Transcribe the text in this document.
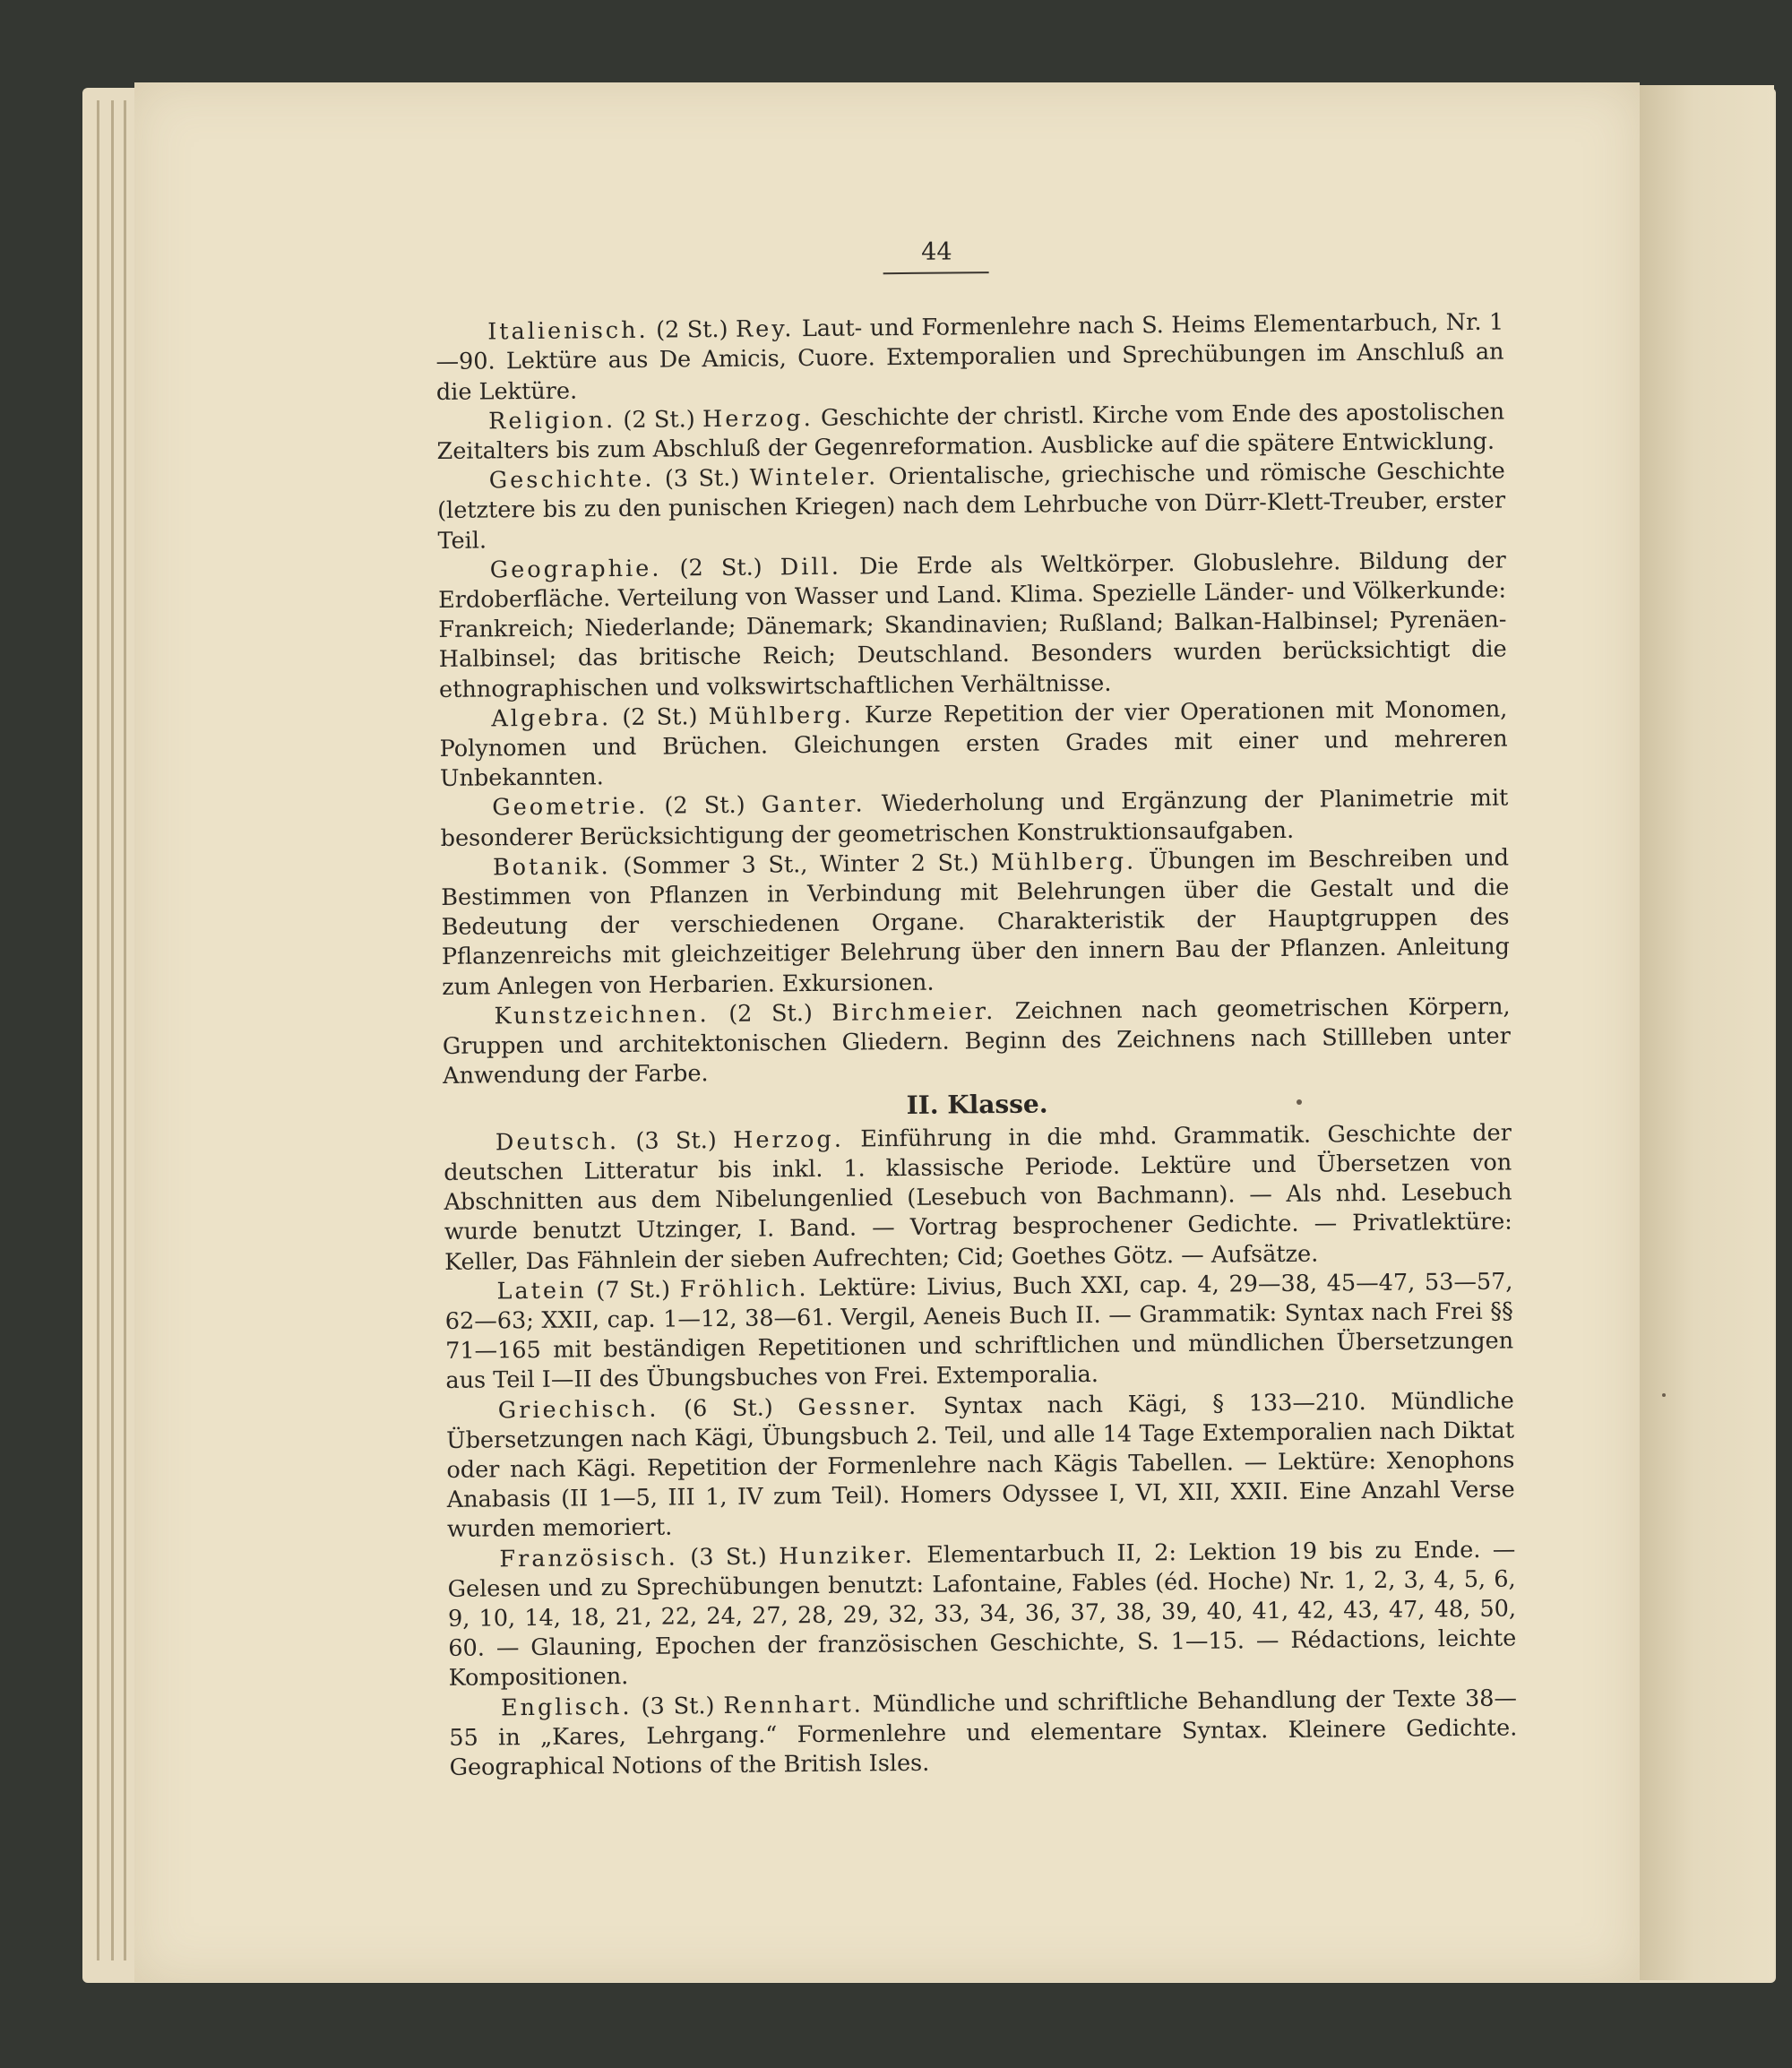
44

Italienisch. (2 St.) Rey. Laut- und Formenlehre nach S. Heims Elementarbuch, Nr. 1—90. Lektüre aus De Amicis, Cuore. Extemporalien und Sprechübungen im Anschluß an die Lektüre.

Religion. (2 St.) Herzog. Geschichte der christl. Kirche vom Ende des apostolischen Zeitalters bis zum Abschluß der Gegenreformation. Ausblicke auf die spätere Entwicklung.

Geschichte. (3 St.) Winteler. Orientalische, griechische und römische Geschichte (letztere bis zu den punischen Kriegen) nach dem Lehrbuche von Dürr-Klett-Treuber, erster Teil.

Geographie. (2 St.) Dill. Die Erde als Weltkörper. Globuslehre. Bildung der Erdoberfläche. Verteilung von Wasser und Land. Klima. Spezielle Länder- und Völkerkunde: Frankreich; Niederlande; Dänemark; Skandinavien; Rußland; Balkan-Halbinsel; Pyrenäen-Halbinsel; das britische Reich; Deutschland. Besonders wurden berücksichtigt die ethnographischen und volkswirtschaftlichen Verhältnisse.

Algebra. (2 St.) Mühlberg. Kurze Repetition der vier Operationen mit Monomen, Polynomen und Brüchen. Gleichungen ersten Grades mit einer und mehreren Unbekannten.

Geometrie. (2 St.) Ganter. Wiederholung und Ergänzung der Planimetrie mit besonderer Berücksichtigung der geometrischen Konstruktionsaufgaben.

Botanik. (Sommer 3 St., Winter 2 St.) Mühlberg. Übungen im Beschreiben und Bestimmen von Pflanzen in Verbindung mit Belehrungen über die Gestalt und die Bedeutung der verschiedenen Organe. Charakteristik der Hauptgruppen des Pflanzenreichs mit gleichzeitiger Belehrung über den innern Bau der Pflanzen. Anleitung zum Anlegen von Herbarien. Exkursionen.

Kunstzeichnen. (2 St.) Birchmeier. Zeichnen nach geometrischen Körpern, Gruppen und architektonischen Gliedern. Beginn des Zeichnens nach Stillleben unter Anwendung der Farbe.

II. Klasse.

Deutsch. (3 St.) Herzog. Einführung in die mhd. Grammatik. Geschichte der deutschen Litteratur bis inkl. 1. klassische Periode. Lektüre und Übersetzen von Abschnitten aus dem Nibelungenlied (Lesebuch von Bachmann). — Als nhd. Lesebuch wurde benutzt Utzinger, I. Band. — Vortrag besprochener Gedichte. — Privatlektüre: Keller, Das Fähnlein der sieben Aufrechten; Cid; Goethes Götz. — Aufsätze.

Latein (7 St.) Fröhlich. Lektüre: Livius, Buch XXI, cap. 4, 29—38, 45—47, 53—57, 62—63; XXII, cap. 1—12, 38—61. Vergil, Aeneis Buch II. — Grammatik: Syntax nach Frei §§ 71—165 mit beständigen Repetitionen und schriftlichen und mündlichen Übersetzungen aus Teil I—II des Übungsbuches von Frei. Extemporalia.

Griechisch. (6 St.) Gessner. Syntax nach Kägi, § 133—210. Mündliche Übersetzungen nach Kägi, Übungsbuch 2. Teil, und alle 14 Tage Extemporalien nach Diktat oder nach Kägi. Repetition der Formenlehre nach Kägis Tabellen. — Lektüre: Xenophons Anabasis (II 1—5, III 1, IV zum Teil). Homers Odyssee I, VI, XII, XXII. Eine Anzahl Verse wurden memoriert.

Französisch. (3 St.) Hunziker. Elementarbuch II, 2: Lektion 19 bis zu Ende. — Gelesen und zu Sprechübungen benutzt: Lafontaine, Fables (éd. Hoche) Nr. 1, 2, 3, 4, 5, 6, 9, 10, 14, 18, 21, 22, 24, 27, 28, 29, 32, 33, 34, 36, 37, 38, 39, 40, 41, 42, 43, 47, 48, 50, 60. — Glauning, Epochen der französischen Geschichte, S. 1—15. — Rédactions, leichte Kompositionen.

Englisch. (3 St.) Rennhart. Mündliche und schriftliche Behandlung der Texte 38—55 in „Kares, Lehrgang.“ Formenlehre und elementare Syntax. Kleinere Gedichte. Geographical Notions of the British Isles.
